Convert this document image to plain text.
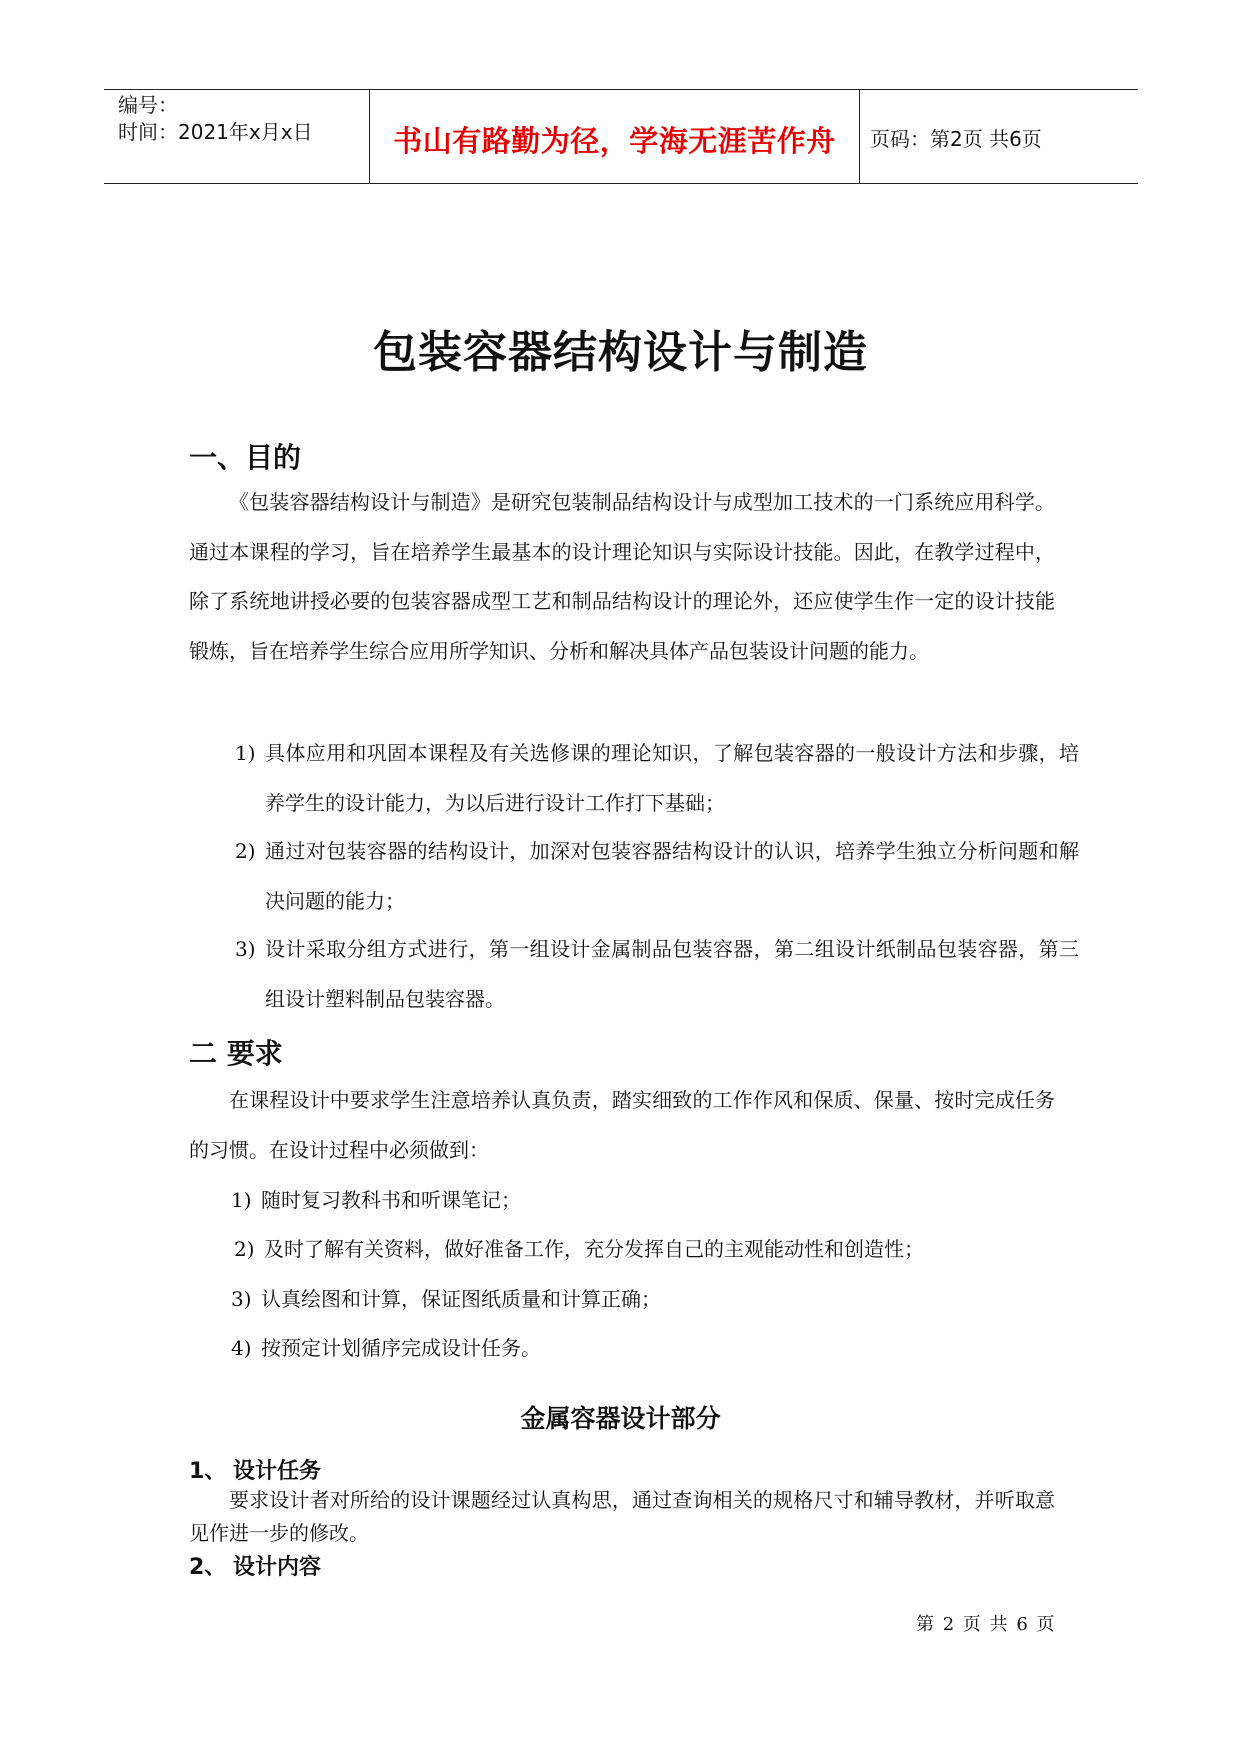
编号：
时间：2021年x月x日	书山有路勤为径，学海无涯苦作舟	页码：第2页 共6页
包装容器结构设计与制造
一、目的

《包装容器结构设计与制造》是研究包装制品结构设计与成型加工技术的一门系统应用科学。通过本课程的学习，旨在培养学生最基本的设计理论知识与实际设计技能。因此，在教学过程中，除了系统地讲授必要的包装容器成型工艺和制品结构设计的理论外，还应使学生作一定的设计技能锻炼，旨在培养学生综合应用所学知识、分析和解决具体产品包装设计问题的能力。

1) 具体应用和巩固本课程及有关选修课的理论知识，了解包装容器的一般设计方法和步骤，培养学生的设计能力，为以后进行设计工作打下基础；
2) 通过对包装容器的结构设计，加深对包装容器结构设计的认识，培养学生独立分析问题和解决问题的能力；
3) 设计采取分组方式进行，第一组设计金属制品包装容器，第二组设计纸制品包装容器，第三组设计塑料制品包装容器。
二 要求

在课程设计中要求学生注意培养认真负责，踏实细致的工作作风和保质、保量、按时完成任务的习惯。在设计过程中必须做到：

1) 随时复习教科书和听课笔记；
2) 及时了解有关资料，做好准备工作，充分发挥自己的主观能动性和创造性；
3) 认真绘图和计算，保证图纸质量和计算正确；
4) 按预定计划循序完成设计任务。
金属容器设计部分
1、 设计任务

要求设计者对所给的设计课题经过认真构思，通过查询相关的规格尺寸和辅导教材，并听取意见作进一步的修改。

2、 设计内容
第 2 页 共 6 页
